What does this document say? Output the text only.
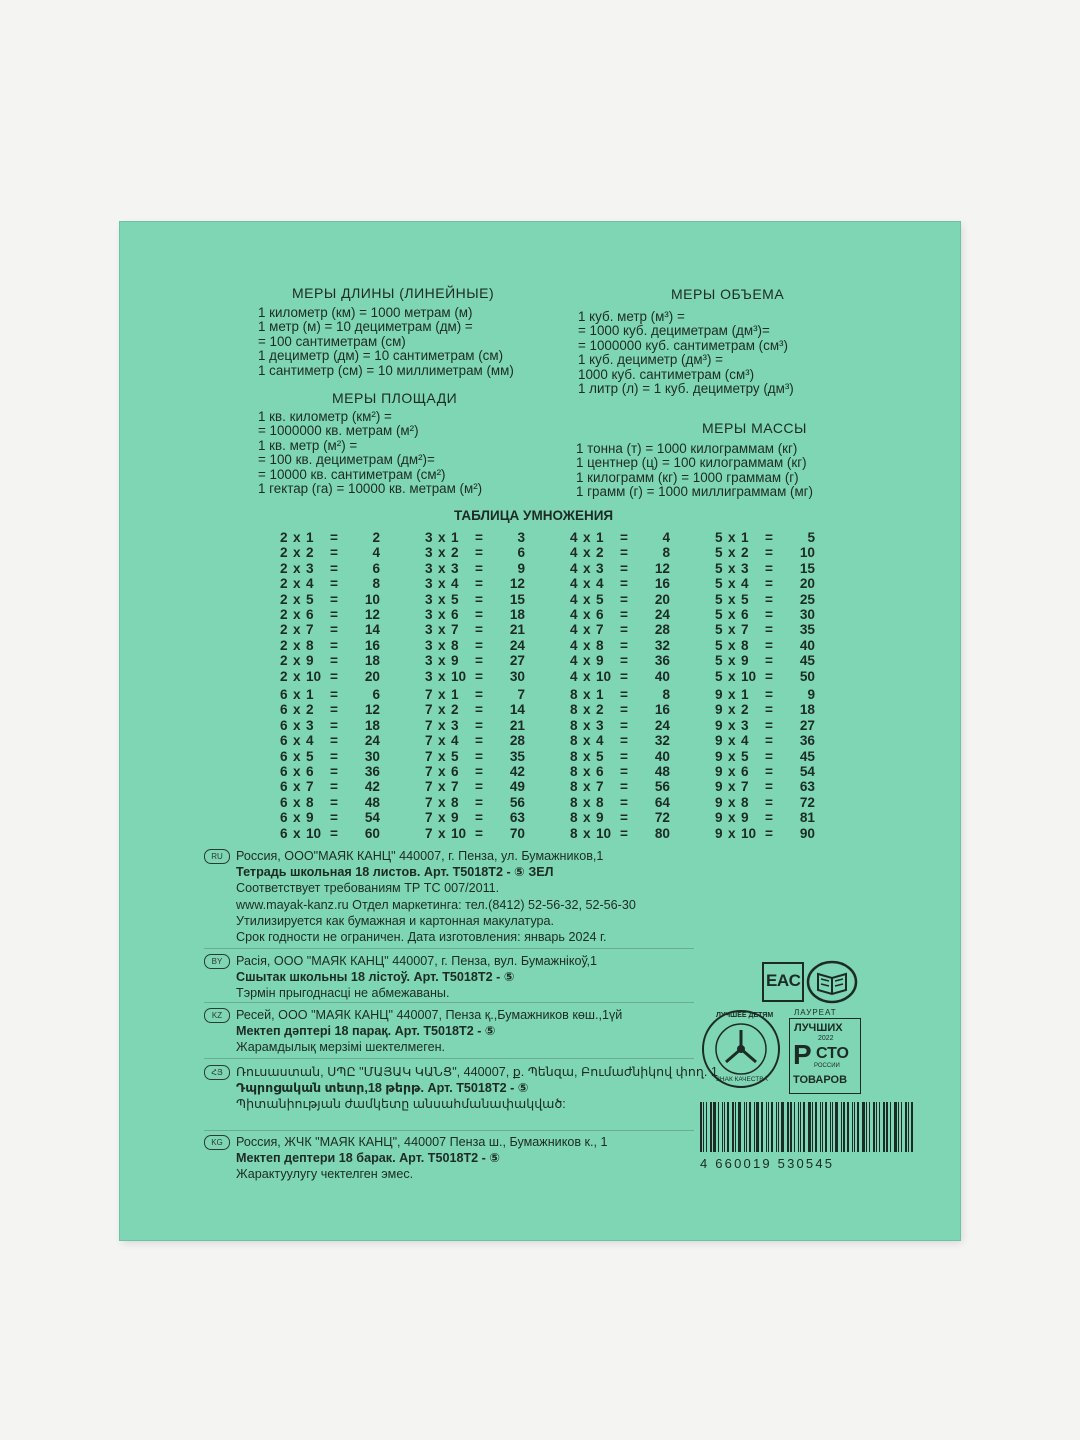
МЕРЫ ДЛИНЫ (ЛИНЕЙНЫЕ)
1 километр (км) = 1000 метрам (м)
1 метр (м) = 10 дециметрам (дм) =
= 100 сантиметрам (см)
1 дециметр (дм) = 10 сантиметрам (см)
1 сантиметр (см) = 10 миллиметрам (мм)
МЕРЫ ПЛОЩАДИ
1 кв. километр (км²) =
= 1000000 кв. метрам (м²)
1 кв. метр (м²) =
= 100 кв. дециметрам (дм²)=
= 10000 кв. сантиметрам (см²)
1 гектар (га) = 10000 кв. метрам (м²)
МЕРЫ ОБЪЕМА
1 куб. метр (м³) =
= 1000 куб. дециметрам (дм³)=
= 1000000 куб. сантиметрам (см³)
1 куб. дециметр (дм³) =
1000 куб. сантиметрам (см³)
1 литр (л) = 1 куб. дециметру (дм³)
МЕРЫ МАССЫ
1 тонна (т) = 1000 килограммам (кг)
1 центнер (ц) = 100 килограммам (кг)
1 килограмм (кг) = 1000 граммам (г)
1 грамм (г) = 1000 миллиграммам (мг)
ТАБЛИЦА УМНОЖЕНИЯ
2 x 1 =	2
2 x 2 =	4
2 x 3 =	6
2 x 4 =	8
2 x 5 = 10
2 x 6 = 12
2 x 7 = 14
2 x 8 = 16
2 x 9 = 18
2 x 10 = 20
3 x 1 =	3
3 x 2 =	6
3 x 3 =	9
3 x 4 = 12
3 x 5 = 15
3 x 6 = 18
3 x 7 = 21
3 x 8 = 24
3 x 9 = 27
3 x 10 = 30
4 x 1 =	4
4 x 2 =	8
4 x 3 = 12
4 x 4 = 16
4 x 5 = 20
4 x 6 = 24
4 x 7 = 28
4 x 8 = 32
4 x 9 = 36
4 x 10 = 40
5 x 1 =	5
5 x 2 = 10
5 x 3 = 15
5 x 4 = 20
5 x 5 = 25
5 x 6 = 30
5 x 7 = 35
5 x 8 = 40
5 x 9 = 45
5 x 10 = 50
6 x 1 =	6
6 x 2 = 12
6 x 3 = 18
6 x 4 = 24
6 x 5 = 30
6 x 6 = 36
6 x 7 = 42
6 x 8 = 48
6 x 9 = 54
6 x 10 = 60
7 x 1 =	7
7 x 2 = 14
7 x 3 = 21
7 x 4 = 28
7 x 5 = 35
7 x 6 = 42
7 x 7 = 49
7 x 8 = 56
7 x 9 = 63
7 x 10 = 70
8 x 1 =	8
8 x 2 = 16
8 x 3 = 24
8 x 4 = 32
8 x 5 = 40
8 x 6 = 48
8 x 7 = 56
8 x 8 = 64
8 x 9 = 72
8 x 10 = 80
9 x 1 =	9
9 x 2 = 18
9 x 3 = 27
9 x 4 = 36
9 x 5 = 45
9 x 6 = 54
9 x 7 = 63
9 x 8 = 72
9 x 9 = 81
9 x 10 = 90
RU	Россия, ООО"МАЯК КАНЦ" 440007, г. Пенза, ул. Бумажников,1
Тетрадь школьная 18 листов. Арт. Т5018Т2 - ⑤ ЗЕЛ
Соответствует требованиям ТР ТС 007/2011.
www.mayak-kanz.ru Отдел маркетинга: тел.(8412) 52-56-32, 52-56-30
Утилизируется как бумажная и картонная макулатура.
Срок годности не ограничен. Дата изготовления: январь 2024 г.
BY	Расія, ООО "МАЯК КАНЦ" 440007, г. Пенза, вул. Бумажнікоў,1
Сшытак школьны 18 лістоў. Арт. Т5018Т2 - ⑤
Тэрмін прыгоднасці не абмежаваны.
KZ	Ресей, ООО "МАЯК КАНЦ" 440007, Пенза қ.,Бумажников көш.,1үй
Мектеп дәптері 18 парақ. Арт. Т5018Т2 - ⑤
Жарамдылық мерзімі шектелмеген.
ՀՅ	Ռուսաստան, ՍՊԸ "ՄԱՅԱԿ ԿԱՆՑ", 440007, ք. Պենզա, Բումաժնիկով փող. 1
Դպրոցական տետր,18 թերթ. Арт. Т5018Т2 - ⑤
Պիտանիության ժամկետը անսահմանափակված:
KG	Россия, ЖЧК "МАЯК КАНЦ", 440007 Пенза ш., Бумажников к., 1
Мектеп дептери 18 барак. Арт. Т5018Т2 - ⑤
Жарактуулугу чектелген эмес.
EAC
ЛУЧШЕЕ ДЕТЯМ
ЗНАК КАЧЕСТВА
ЛАУРЕАТ
ЛУЧШИХ
2022
СТО
Р РОССИИ
ТОВАРОВ
4 660019 530545
